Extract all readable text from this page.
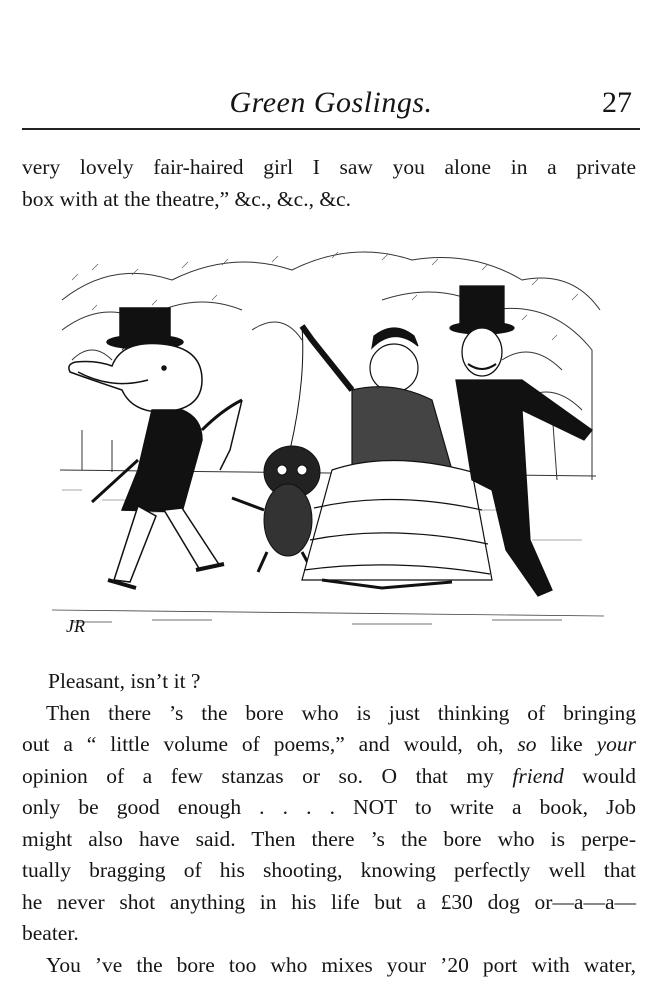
Green Goslings.	27
very lovely fair-haired girl I saw you alone in a private
box with at the theatre,” &c., &c., &c.
JR
Pleasant, isn’t it ?
Then there ’s the bore who is just thinking of bringing
out a “ little volume of poems,” and would, oh, so like your
opinion of a few stanzas or so. O that my friend would
only be good enough . . . . NOT to write a book, Job
might also have said. Then there ’s the bore who is perpe-
tually bragging of his shooting, knowing perfectly well that
he never shot anything in his life but a £30 dog or—a—a—
beater.
You ’ve the bore too who mixes your ’20 port with water,
